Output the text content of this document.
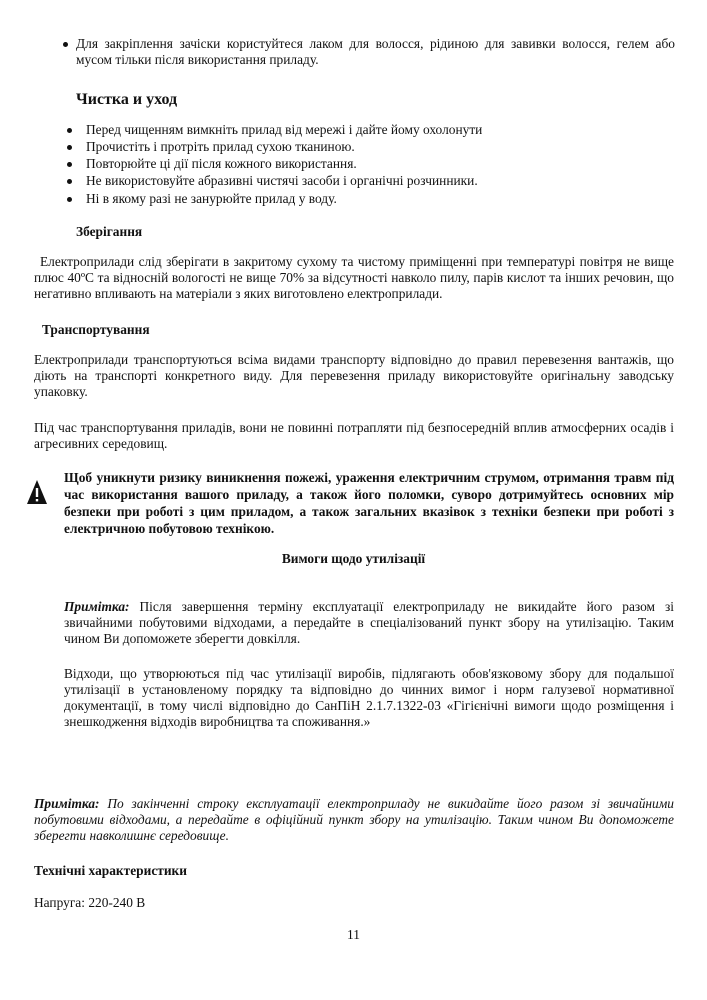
Для закріплення зачіски користуйтеся лаком для волосся, рідиною для завивки волосся, гелем або мусом тільки після використання приладу.

Чистка и уход
Перед чищенням вимкніть прилад від мережі і дайте йому охолонути
Прочистіть і протріть прилад сухою тканиною.
Повторюйте ці дії після кожного використання.
Не використовуйте абразивні чистячі засоби і органічні розчинники.
Ні в якому разі не занурюйте прилад у воду.
Зберігання

Електроприлади слід зберігати в закритому сухому та чистому приміщенні при температурі повітря не вище плюс 40ºС та відносній вологості не вище 70% за відсутності навколо пилу, парів кислот та інших речовин, що негативно впливають на матеріали з яких виготовлено електроприлади.

Транспортування

Електроприлади транспортуються всіма видами транспорту відповідно до правил перевезення вантажів, що діють на транспорті конкретного виду. Для перевезення приладу використовуйте оригінальну заводську упаковку.

Під час транспортування приладів, вони не повинні потрапляти під безпосередній вплив атмосферних осадів і агресивних середовищ.

Щоб уникнути ризику виникнення пожежі, ураження електричним струмом, отримання травм під час використання вашого приладу, а також його поломки, суворо дотримуйтесь основних мір безпеки при роботі з цим приладом, а також загальних вказівок з техніки безпеки при роботі з електричною побутовою технікою.

Вимоги щодо утилізації

Примітка: Після завершення терміну експлуатації електроприладу не викидайте його разом зі звичайними побутовими відходами, а передайте в спеціалізований пункт збору на утилізацію. Таким чином Ви допоможете зберегти довкілля.

Відходи, що утворюються під час утилізації виробів, підлягають обов'язковому збору для подальшої утилізації в установленому порядку та відповідно до чинних вимог і норм галузевої нормативної документації, в тому числі відповідно до СанПіН 2.1.7.1322-03 «Гігієнічні вимоги щодо розміщення і знешкодження відходів виробництва та споживання.»

Примітка: По закінченні строку експлуатації електроприладу не викидайте його разом зі звичайними побутовими відходами, а передайте в офіційний пункт збору на утилізацію. Таким чином Ви допоможете зберегти навколишнє середовище.

Технічні характеристики
Напруга: 220-240 В
11
